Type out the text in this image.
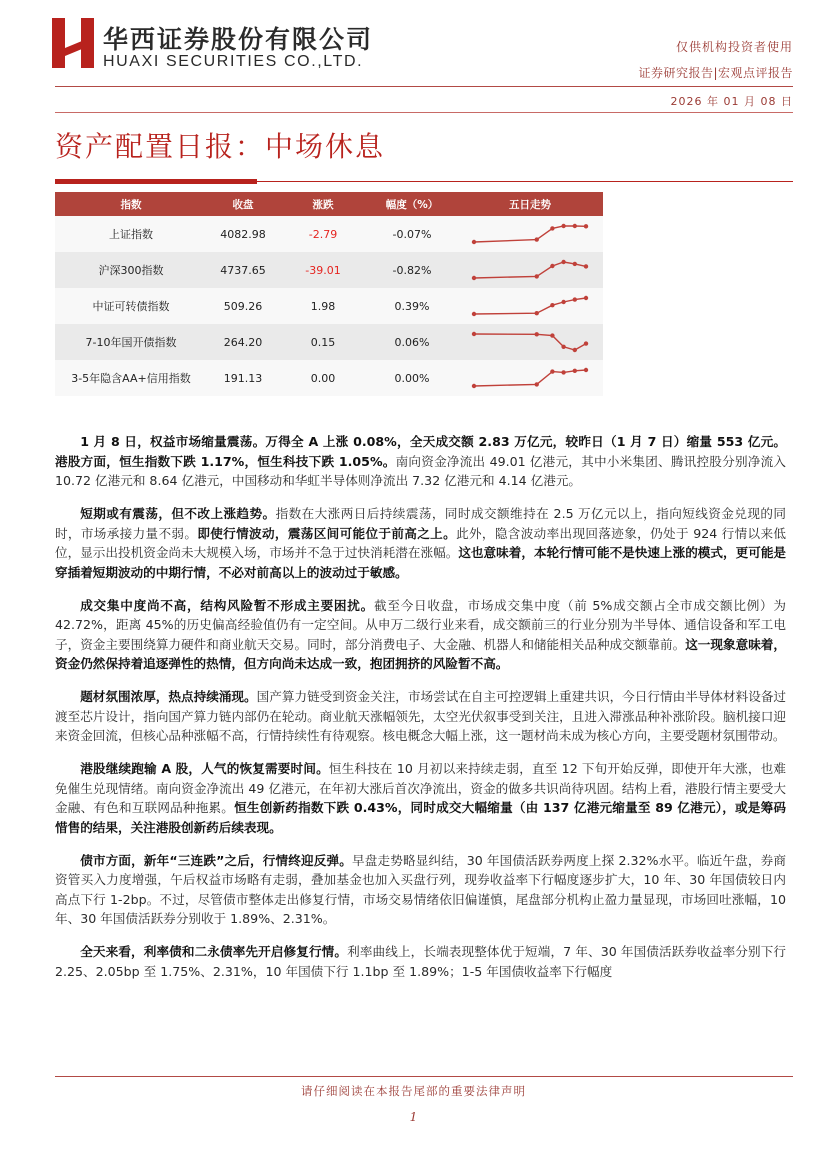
华西证券股份有限公司
HUAXI SECURITIES CO.,LTD.
仅供机构投资者使用
证券研究报告|宏观点评报告
2026 年 01 月 08 日
资产配置日报：中场休息
指数	收盘	涨跌	幅度（%）	五日走势
上证指数	4082.98	-2.79	-0.07%	

沪深300指数	4737.65	-39.01	-0.82%	

中证可转债指数	509.26	1.98	0.39%	

7-10年国开债指数	264.20	0.15	0.06%	

3-5年隐含AA+信用指数	191.13	0.00	0.00%	

1 月 8 日，权益市场缩量震荡。万得全 A 上涨 0.08%，全天成交额 2.83 万亿元，较昨日（1 月 7 日）缩量 553 亿元。港股方面，恒生指数下跌 1.17%，恒生科技下跌 1.05%。南向资金净流出 49.01 亿港元，其中小米集团、腾讯控股分别净流入 10.72 亿港元和 8.64 亿港元，中国移动和华虹半导体则净流出 7.32 亿港元和 4.14 亿港元。

短期或有震荡，但不改上涨趋势。指数在大涨两日后持续震荡，同时成交额维持在 2.5 万亿元以上，指向短线资金兑现的同时，市场承接力量不弱。即使行情波动，震荡区间可能位于前高之上。此外，隐含波动率出现回落迹象，仍处于 924 行情以来低位，显示出投机资金尚未大规模入场，市场并不急于过快消耗潜在涨幅。这也意味着，本轮行情可能不是快速上涨的模式，更可能是穿插着短期波动的中期行情，不必对前高以上的波动过于敏感。

成交集中度尚不高，结构风险暂不形成主要困扰。截至今日收盘，市场成交集中度（前 5%成交额占全市成交额比例）为 42.72%，距离 45%的历史偏高经验值仍有一定空间。从申万二级行业来看，成交额前三的行业分别为半导体、通信设备和军工电子，资金主要围绕算力硬件和商业航天交易。同时，部分消费电子、大金融、机器人和储能相关品种成交额靠前。这一现象意味着，资金仍然保持着追逐弹性的热情，但方向尚未达成一致，抱团拥挤的风险暂不高。

题材氛围浓厚，热点持续涌现。国产算力链受到资金关注，市场尝试在自主可控逻辑上重建共识，今日行情由半导体材料设备过渡至芯片设计，指向国产算力链内部仍在轮动。商业航天涨幅领先，太空光伏叙事受到关注，且进入滞涨品种补涨阶段。脑机接口迎来资金回流，但核心品种涨幅不高，行情持续性有待观察。核电概念大幅上涨，这一题材尚未成为核心方向，主要受题材氛围带动。

港股继续跑输 A 股，人气的恢复需要时间。恒生科技在 10 月初以来持续走弱，直至 12 下旬开始反弹，即使开年大涨，也难免催生兑现情绪。南向资金净流出 49 亿港元，在年初大涨后首次净流出，资金的做多共识尚待巩固。结构上看，港股行情主要受大金融、有色和互联网品种拖累。恒生创新药指数下跌 0.43%，同时成交大幅缩量（由 137 亿港元缩量至 89 亿港元），或是筹码惜售的结果，关注港股创新药后续表现。

债市方面，新年“三连跌”之后，行情终迎反弹。早盘走势略显纠结，30 年国债活跃券两度上探 2.32%水平。临近午盘，券商资管买入力度增强，午后权益市场略有走弱，叠加基金也加入买盘行列，现券收益率下行幅度逐步扩大，10 年、30 年国债较日内高点下行 1-2bp。不过，尽管债市整体走出修复行情，市场交易情绪依旧偏谨慎，尾盘部分机构止盈力量显现，市场回吐涨幅，10 年、30 年国债活跃券分别收于 1.89%、2.31%。

全天来看，利率债和二永债率先开启修复行情。利率曲线上，长端表现整体优于短端，7 年、30 年国债活跃券收益率分别下行 2.25、2.05bp 至 1.75%、2.31%，10 年国债下行 1.1bp 至 1.89%；1-5 年国债收益率下行幅度

请仔细阅读在本报告尾部的重要法律声明
1
